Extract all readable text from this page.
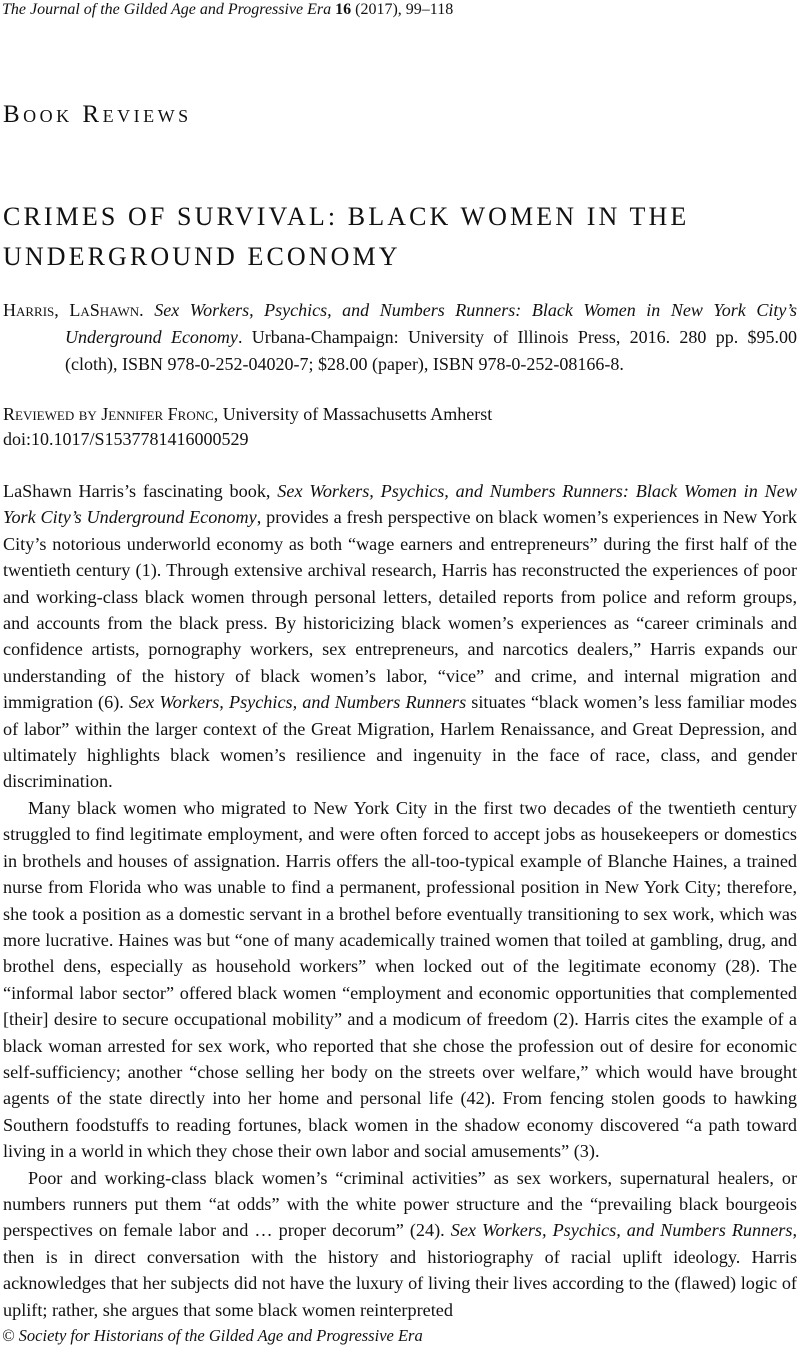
The Journal of the Gilded Age and Progressive Era 16 (2017), 99–118
Book Reviews
CRIMES OF SURVIVAL: BLACK WOMEN IN THE UNDERGROUND ECONOMY
Harris, LaShawn. Sex Workers, Psychics, and Numbers Runners: Black Women in New York City’s Underground Economy. Urbana-Champaign: University of Illinois Press, 2016. 280 pp. $95.00 (cloth), ISBN 978-0-252-04020-7; $28.00 (paper), ISBN 978-0-252-08166-8.
Reviewed by Jennifer Fronc, University of Massachusetts Amherst
doi:10.1017/S1537781416000529

LaShawn Harris’s fascinating book, Sex Workers, Psychics, and Numbers Runners: Black Women in New York City’s Underground Economy, provides a fresh perspective on black women’s experiences in New York City’s notorious underworld economy as both “wage earners and entrepreneurs” during the first half of the twentieth century (1). Through extensive archival research, Harris has reconstructed the experiences of poor and working-class black women through personal letters, detailed reports from police and reform groups, and accounts from the black press. By historicizing black women’s experiences as “career criminals and confidence artists, pornography workers, sex entrepreneurs, and narcotics dealers,” Harris expands our understanding of the history of black women’s labor, “vice” and crime, and internal migration and immigration (6). Sex Workers, Psychics, and Numbers Runners situates “black women’s less familiar modes of labor” within the larger context of the Great Migration, Harlem Renaissance, and Great Depression, and ultimately highlights black women’s resilience and ingenuity in the face of race, class, and gender discrimination.

Many black women who migrated to New York City in the first two decades of the twentieth century struggled to find legitimate employment, and were often forced to accept jobs as housekeepers or domestics in brothels and houses of assignation. Harris offers the all-too-typical example of Blanche Haines, a trained nurse from Florida who was unable to find a permanent, professional position in New York City; therefore, she took a position as a domestic servant in a brothel before eventually transitioning to sex work, which was more lucrative. Haines was but “one of many academically trained women that toiled at gambling, drug, and brothel dens, especially as household workers” when locked out of the legitimate economy (28). The “informal labor sector” offered black women “employment and economic opportunities that complemented [their] desire to secure occupational mobility” and a modicum of freedom (2). Harris cites the example of a black woman arrested for sex work, who reported that she chose the profession out of desire for economic self-sufficiency; another “chose selling her body on the streets over welfare,” which would have brought agents of the state directly into her home and personal life (42). From fencing stolen goods to hawking Southern foodstuffs to reading fortunes, black women in the shadow economy discovered “a path toward living in a world in which they chose their own labor and social amusements” (3).

Poor and working-class black women’s “criminal activities” as sex workers, supernatural healers, or numbers runners put them “at odds” with the white power structure and the “prevailing black bourgeois perspectives on female labor and … proper decorum” (24). Sex Workers, Psychics, and Numbers Runners, then is in direct conversation with the history and historiography of racial uplift ideology. Harris acknowledges that her subjects did not have the luxury of living their lives according to the (flawed) logic of uplift; rather, she argues that some black women reinterpreted

© Society for Historians of the Gilded Age and Progressive Era
